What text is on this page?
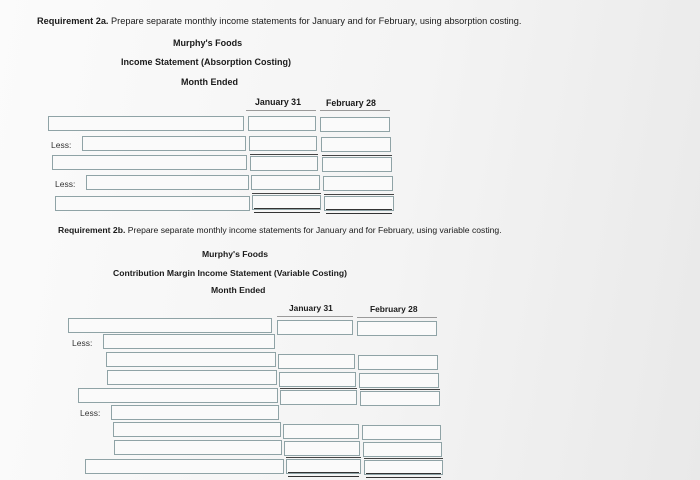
Requirement 2a. Prepare separate monthly income statements for January and for February, using absorption costing.
Murphy's Foods
Income Statement (Absorption Costing)
Month Ended
January 31	February 28
Less:
Less:
Requirement 2b. Prepare separate monthly income statements for January and for February, using variable costing.
Murphy's Foods
Contribution Margin Income Statement (Variable Costing)
Month Ended
January 31	February 28
Less:
Less:
